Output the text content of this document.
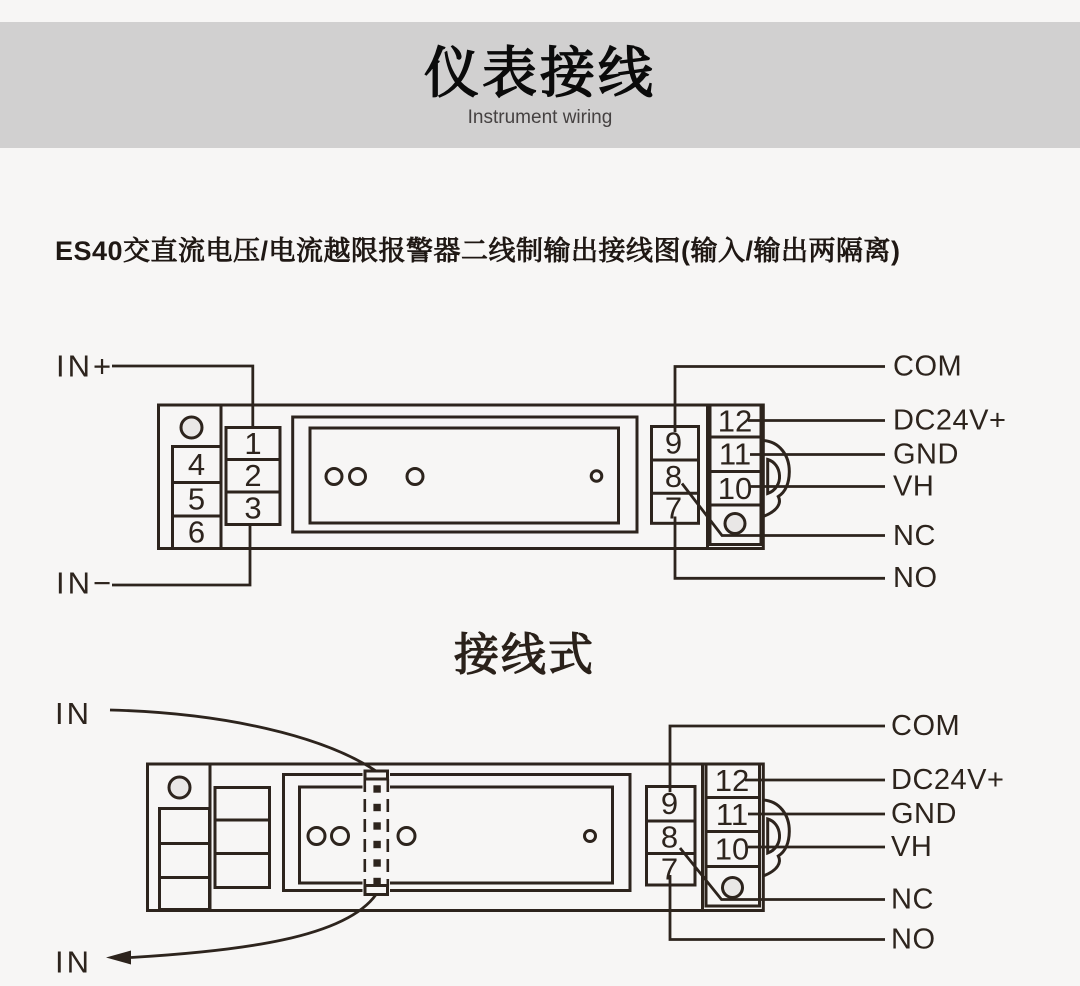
仪表接线
Instrument wiring
ES40交直流电压/电流越限报警器二线制输出接线图(输入/输出两隔离)
接线式
4
5
6
1
2
3
9
8
7
12
11
10
IN+
IN−
COM
DC24V+
GND
VH
NC
NO
9
8
7
12
11
10
IN
IN
COM
DC24V+
GND
VH
NC
NO
